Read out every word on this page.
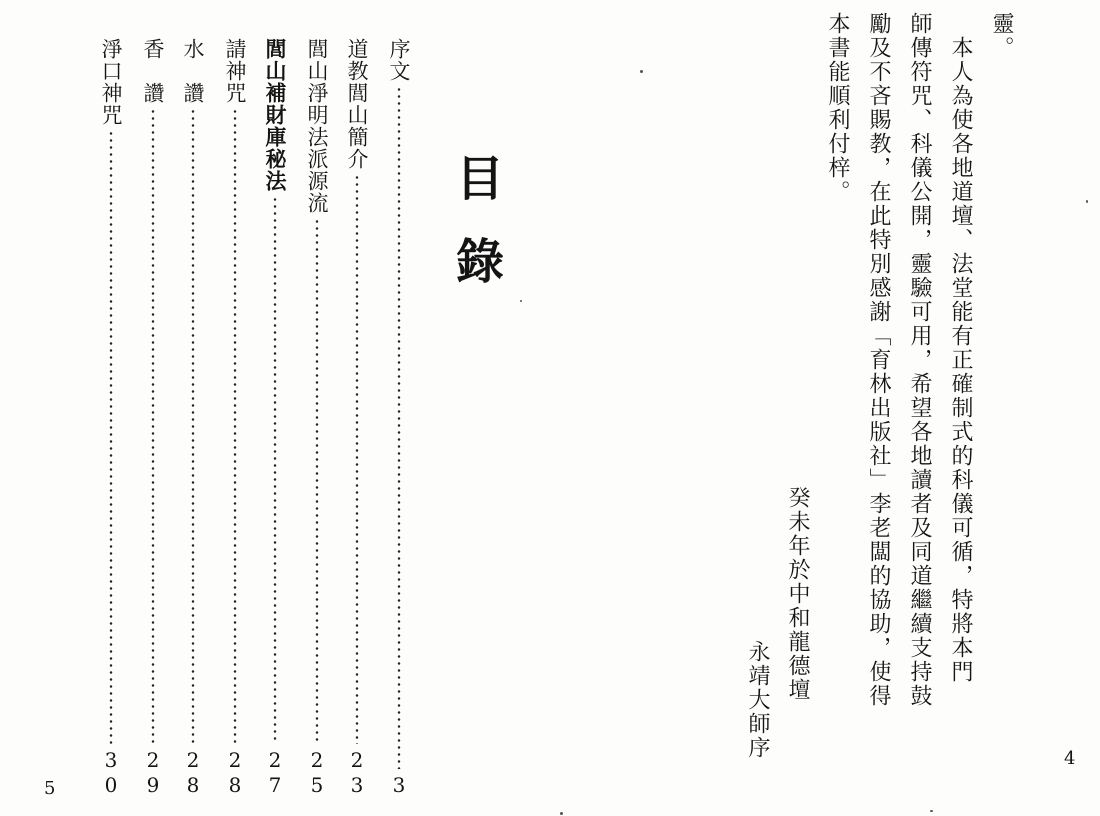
序文
3
道教閭山簡介
23
閭山淨明法派源流
25
閭山補財庫秘法
27
請神咒
28
水　讚
28
香　讚
29
淨口神咒
30
目
錄
5
靈。
　本人為使各地道壇、法堂能有正確制式的科儀可循，特將本門
師傳符咒、科儀公開，靈驗可用，希望各地讀者及同道繼續支持鼓
勵及不吝賜教，在此特別感謝「育林出版社」李老闆的協助，使得
本書能順利付梓。
癸未年於中和龍德壇
永靖大師序	4
